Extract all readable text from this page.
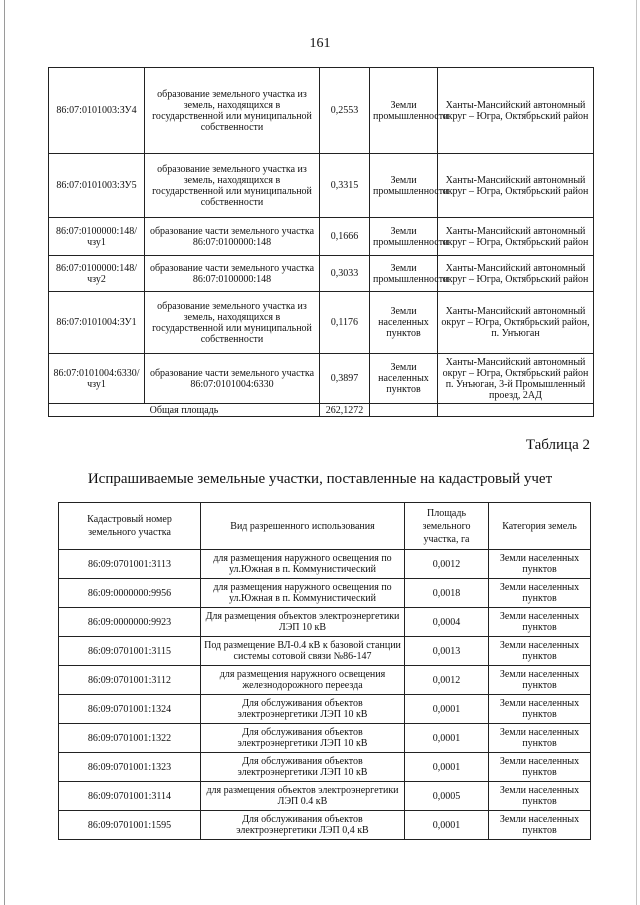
161
86:07:0101003:ЗУ4	образование земельного участка из земель, находящихся в государственной или муниципальной собственности	0,2553	Земли промышленности	Ханты-Мансийский автономный округ – Югра, Октябрьский район
86:07:0101003:ЗУ5	образование земельного участка из земель, находящихся в государственной или муниципальной собственности	0,3315	Земли промышленности	Ханты-Мансийский автономный округ – Югра, Октябрьский район
86:07:0100000:148/чзу1	образование части земельного участка 86:07:0100000:148	0,1666	Земли промышленности	Ханты-Мансийский автономный округ – Югра, Октябрьский район
86:07:0100000:148/чзу2	образование части земельного участка 86:07:0100000:148	0,3033	Земли промышленности	Ханты-Мансийский автономный округ – Югра, Октябрьский район
86:07:0101004:ЗУ1	образование земельного участка из земель, находящихся в государственной или муниципальной собственности	0,1176	Земли населенных пунктов	Ханты-Мансийский автономный округ – Югра, Октябрьский район, п. Унъюган
86:07:0101004:6330/чзу1	образование части земельного участка 86:07:0101004:6330	0,3897	Земли населенных пунктов	Ханты-Мансийский автономный округ – Югра, Октябрьский район п. Унъюган, 3-й Промышленный проезд, 2АД
Общая площадь		262,1272		
Таблица 2
Испрашиваемые земельные участки, поставленные на кадастровый учет
Кадастровый номер земельного участка	Вид разрешенного использования	Площадь земельного участка, га	Категория земель
86:09:0701001:3113	для размещения наружного освещения по ул.Южная в п. Коммунистический	0,0012	Земли населенных пунктов
86:09:0000000:9956	для размещения наружного освещения по ул.Южная в п. Коммунистический	0,0018	Земли населенных пунктов
86:09:0000000:9923	Для размещения объектов электроэнергетики ЛЭП 10 кВ	0,0004	Земли населенных пунктов
86:09:0701001:3115	Под размещение ВЛ-0.4 кВ к базовой станции системы сотовой связи №86-147	0,0013	Земли населенных пунктов
86:09:0701001:3112	для размещения наружного освещения железнодорожного переезда	0,0012	Земли населенных пунктов
86:09:0701001:1324	Для обслуживания объектов электроэнергетики ЛЭП 10 кВ	0,0001	Земли населенных пунктов
86:09:0701001:1322	Для обслуживания объектов электроэнергетики ЛЭП 10 кВ	0,0001	Земли населенных пунктов
86:09:0701001:1323	Для обслуживания объектов электроэнергетики ЛЭП 10 кВ	0,0001	Земли населенных пунктов
86:09:0701001:3114	для размещения объектов электроэнергетики ЛЭП 0.4 кВ	0,0005	Земли населенных пунктов
86:09:0701001:1595	Для обслуживания объектов электроэнергетики ЛЭП 0,4 кВ	0,0001	Земли населенных пунктов
